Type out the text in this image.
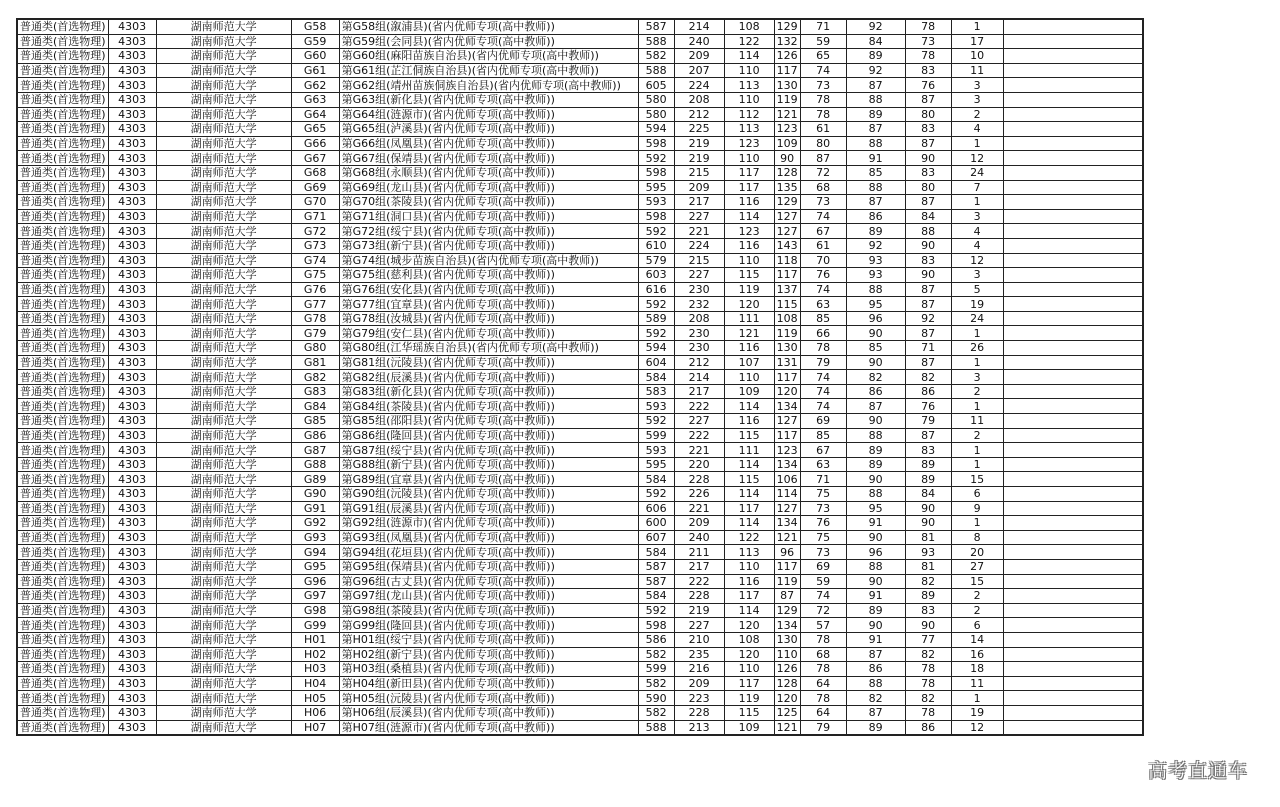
普通类(首选物理)	4303	湖南师范大学	G58	第G58组(溆浦县)(省内优师专项(高中教师))	587	214	108	129	71	92	78	1	
普通类(首选物理)	4303	湖南师范大学	G59	第G59组(会同县)(省内优师专项(高中教师))	588	240	122	132	59	84	73	17	
普通类(首选物理)	4303	湖南师范大学	G60	第G60组(麻阳苗族自治县)(省内优师专项(高中教师))	582	209	114	126	65	89	78	10	
普通类(首选物理)	4303	湖南师范大学	G61	第G61组(芷江侗族自治县)(省内优师专项(高中教师))	588	207	110	117	74	92	83	11	
普通类(首选物理)	4303	湖南师范大学	G62	第G62组(靖州苗族侗族自治县)(省内优师专项(高中教师))	605	224	113	130	73	87	76	3	
普通类(首选物理)	4303	湖南师范大学	G63	第G63组(新化县)(省内优师专项(高中教师))	580	208	110	119	78	88	87	3	
普通类(首选物理)	4303	湖南师范大学	G64	第G64组(涟源市)(省内优师专项(高中教师))	580	212	112	121	78	89	80	2	
普通类(首选物理)	4303	湖南师范大学	G65	第G65组(泸溪县)(省内优师专项(高中教师))	594	225	113	123	61	87	83	4	
普通类(首选物理)	4303	湖南师范大学	G66	第G66组(凤凰县)(省内优师专项(高中教师))	598	219	123	109	80	88	87	1	
普通类(首选物理)	4303	湖南师范大学	G67	第G67组(保靖县)(省内优师专项(高中教师))	592	219	110	90	87	91	90	12	
普通类(首选物理)	4303	湖南师范大学	G68	第G68组(永顺县)(省内优师专项(高中教师))	598	215	117	128	72	85	83	24	
普通类(首选物理)	4303	湖南师范大学	G69	第G69组(龙山县)(省内优师专项(高中教师))	595	209	117	135	68	88	80	7	
普通类(首选物理)	4303	湖南师范大学	G70	第G70组(茶陵县)(省内优师专项(高中教师))	593	217	116	129	73	87	87	1	
普通类(首选物理)	4303	湖南师范大学	G71	第G71组(洞口县)(省内优师专项(高中教师))	598	227	114	127	74	86	84	3	
普通类(首选物理)	4303	湖南师范大学	G72	第G72组(绥宁县)(省内优师专项(高中教师))	592	221	123	127	67	89	88	4	
普通类(首选物理)	4303	湖南师范大学	G73	第G73组(新宁县)(省内优师专项(高中教师))	610	224	116	143	61	92	90	4	
普通类(首选物理)	4303	湖南师范大学	G74	第G74组(城步苗族自治县)(省内优师专项(高中教师))	579	215	110	118	70	93	83	12	
普通类(首选物理)	4303	湖南师范大学	G75	第G75组(慈利县)(省内优师专项(高中教师))	603	227	115	117	76	93	90	3	
普通类(首选物理)	4303	湖南师范大学	G76	第G76组(安化县)(省内优师专项(高中教师))	616	230	119	137	74	88	87	5	
普通类(首选物理)	4303	湖南师范大学	G77	第G77组(宜章县)(省内优师专项(高中教师))	592	232	120	115	63	95	87	19	
普通类(首选物理)	4303	湖南师范大学	G78	第G78组(汝城县)(省内优师专项(高中教师))	589	208	111	108	85	96	92	24	
普通类(首选物理)	4303	湖南师范大学	G79	第G79组(安仁县)(省内优师专项(高中教师))	592	230	121	119	66	90	87	1	
普通类(首选物理)	4303	湖南师范大学	G80	第G80组(江华瑶族自治县)(省内优师专项(高中教师))	594	230	116	130	78	85	71	26	
普通类(首选物理)	4303	湖南师范大学	G81	第G81组(沅陵县)(省内优师专项(高中教师))	604	212	107	131	79	90	87	1	
普通类(首选物理)	4303	湖南师范大学	G82	第G82组(辰溪县)(省内优师专项(高中教师))	584	214	110	117	74	82	82	3	
普通类(首选物理)	4303	湖南师范大学	G83	第G83组(新化县)(省内优师专项(高中教师))	583	217	109	120	74	86	86	2	
普通类(首选物理)	4303	湖南师范大学	G84	第G84组(茶陵县)(省内优师专项(高中教师))	593	222	114	134	74	87	76	1	
普通类(首选物理)	4303	湖南师范大学	G85	第G85组(邵阳县)(省内优师专项(高中教师))	592	227	116	127	69	90	79	11	
普通类(首选物理)	4303	湖南师范大学	G86	第G86组(隆回县)(省内优师专项(高中教师))	599	222	115	117	85	88	87	2	
普通类(首选物理)	4303	湖南师范大学	G87	第G87组(绥宁县)(省内优师专项(高中教师))	593	221	111	123	67	89	83	1	
普通类(首选物理)	4303	湖南师范大学	G88	第G88组(新宁县)(省内优师专项(高中教师))	595	220	114	134	63	89	89	1	
普通类(首选物理)	4303	湖南师范大学	G89	第G89组(宜章县)(省内优师专项(高中教师))	584	228	115	106	71	90	89	15	
普通类(首选物理)	4303	湖南师范大学	G90	第G90组(沅陵县)(省内优师专项(高中教师))	592	226	114	114	75	88	84	6	
普通类(首选物理)	4303	湖南师范大学	G91	第G91组(辰溪县)(省内优师专项(高中教师))	606	221	117	127	73	95	90	9	
普通类(首选物理)	4303	湖南师范大学	G92	第G92组(涟源市)(省内优师专项(高中教师))	600	209	114	134	76	91	90	1	
普通类(首选物理)	4303	湖南师范大学	G93	第G93组(凤凰县)(省内优师专项(高中教师))	607	240	122	121	75	90	81	8	
普通类(首选物理)	4303	湖南师范大学	G94	第G94组(花垣县)(省内优师专项(高中教师))	584	211	113	96	73	96	93	20	
普通类(首选物理)	4303	湖南师范大学	G95	第G95组(保靖县)(省内优师专项(高中教师))	587	217	110	117	69	88	81	27	
普通类(首选物理)	4303	湖南师范大学	G96	第G96组(古丈县)(省内优师专项(高中教师))	587	222	116	119	59	90	82	15	
普通类(首选物理)	4303	湖南师范大学	G97	第G97组(龙山县)(省内优师专项(高中教师))	584	228	117	87	74	91	89	2	
普通类(首选物理)	4303	湖南师范大学	G98	第G98组(茶陵县)(省内优师专项(高中教师))	592	219	114	129	72	89	83	2	
普通类(首选物理)	4303	湖南师范大学	G99	第G99组(隆回县)(省内优师专项(高中教师))	598	227	120	134	57	90	90	6	
普通类(首选物理)	4303	湖南师范大学	H01	第H01组(绥宁县)(省内优师专项(高中教师))	586	210	108	130	78	91	77	14	
普通类(首选物理)	4303	湖南师范大学	H02	第H02组(新宁县)(省内优师专项(高中教师))	582	235	120	110	68	87	82	16	
普通类(首选物理)	4303	湖南师范大学	H03	第H03组(桑植县)(省内优师专项(高中教师))	599	216	110	126	78	86	78	18	
普通类(首选物理)	4303	湖南师范大学	H04	第H04组(新田县)(省内优师专项(高中教师))	582	209	117	128	64	88	78	11	
普通类(首选物理)	4303	湖南师范大学	H05	第H05组(沅陵县)(省内优师专项(高中教师))	590	223	119	120	78	82	82	1	
普通类(首选物理)	4303	湖南师范大学	H06	第H06组(辰溪县)(省内优师专项(高中教师))	582	228	115	125	64	87	78	19	
普通类(首选物理)	4303	湖南师范大学	H07	第H07组(涟源市)(省内优师专项(高中教师))	588	213	109	121	79	89	86	12	
高考直通车
